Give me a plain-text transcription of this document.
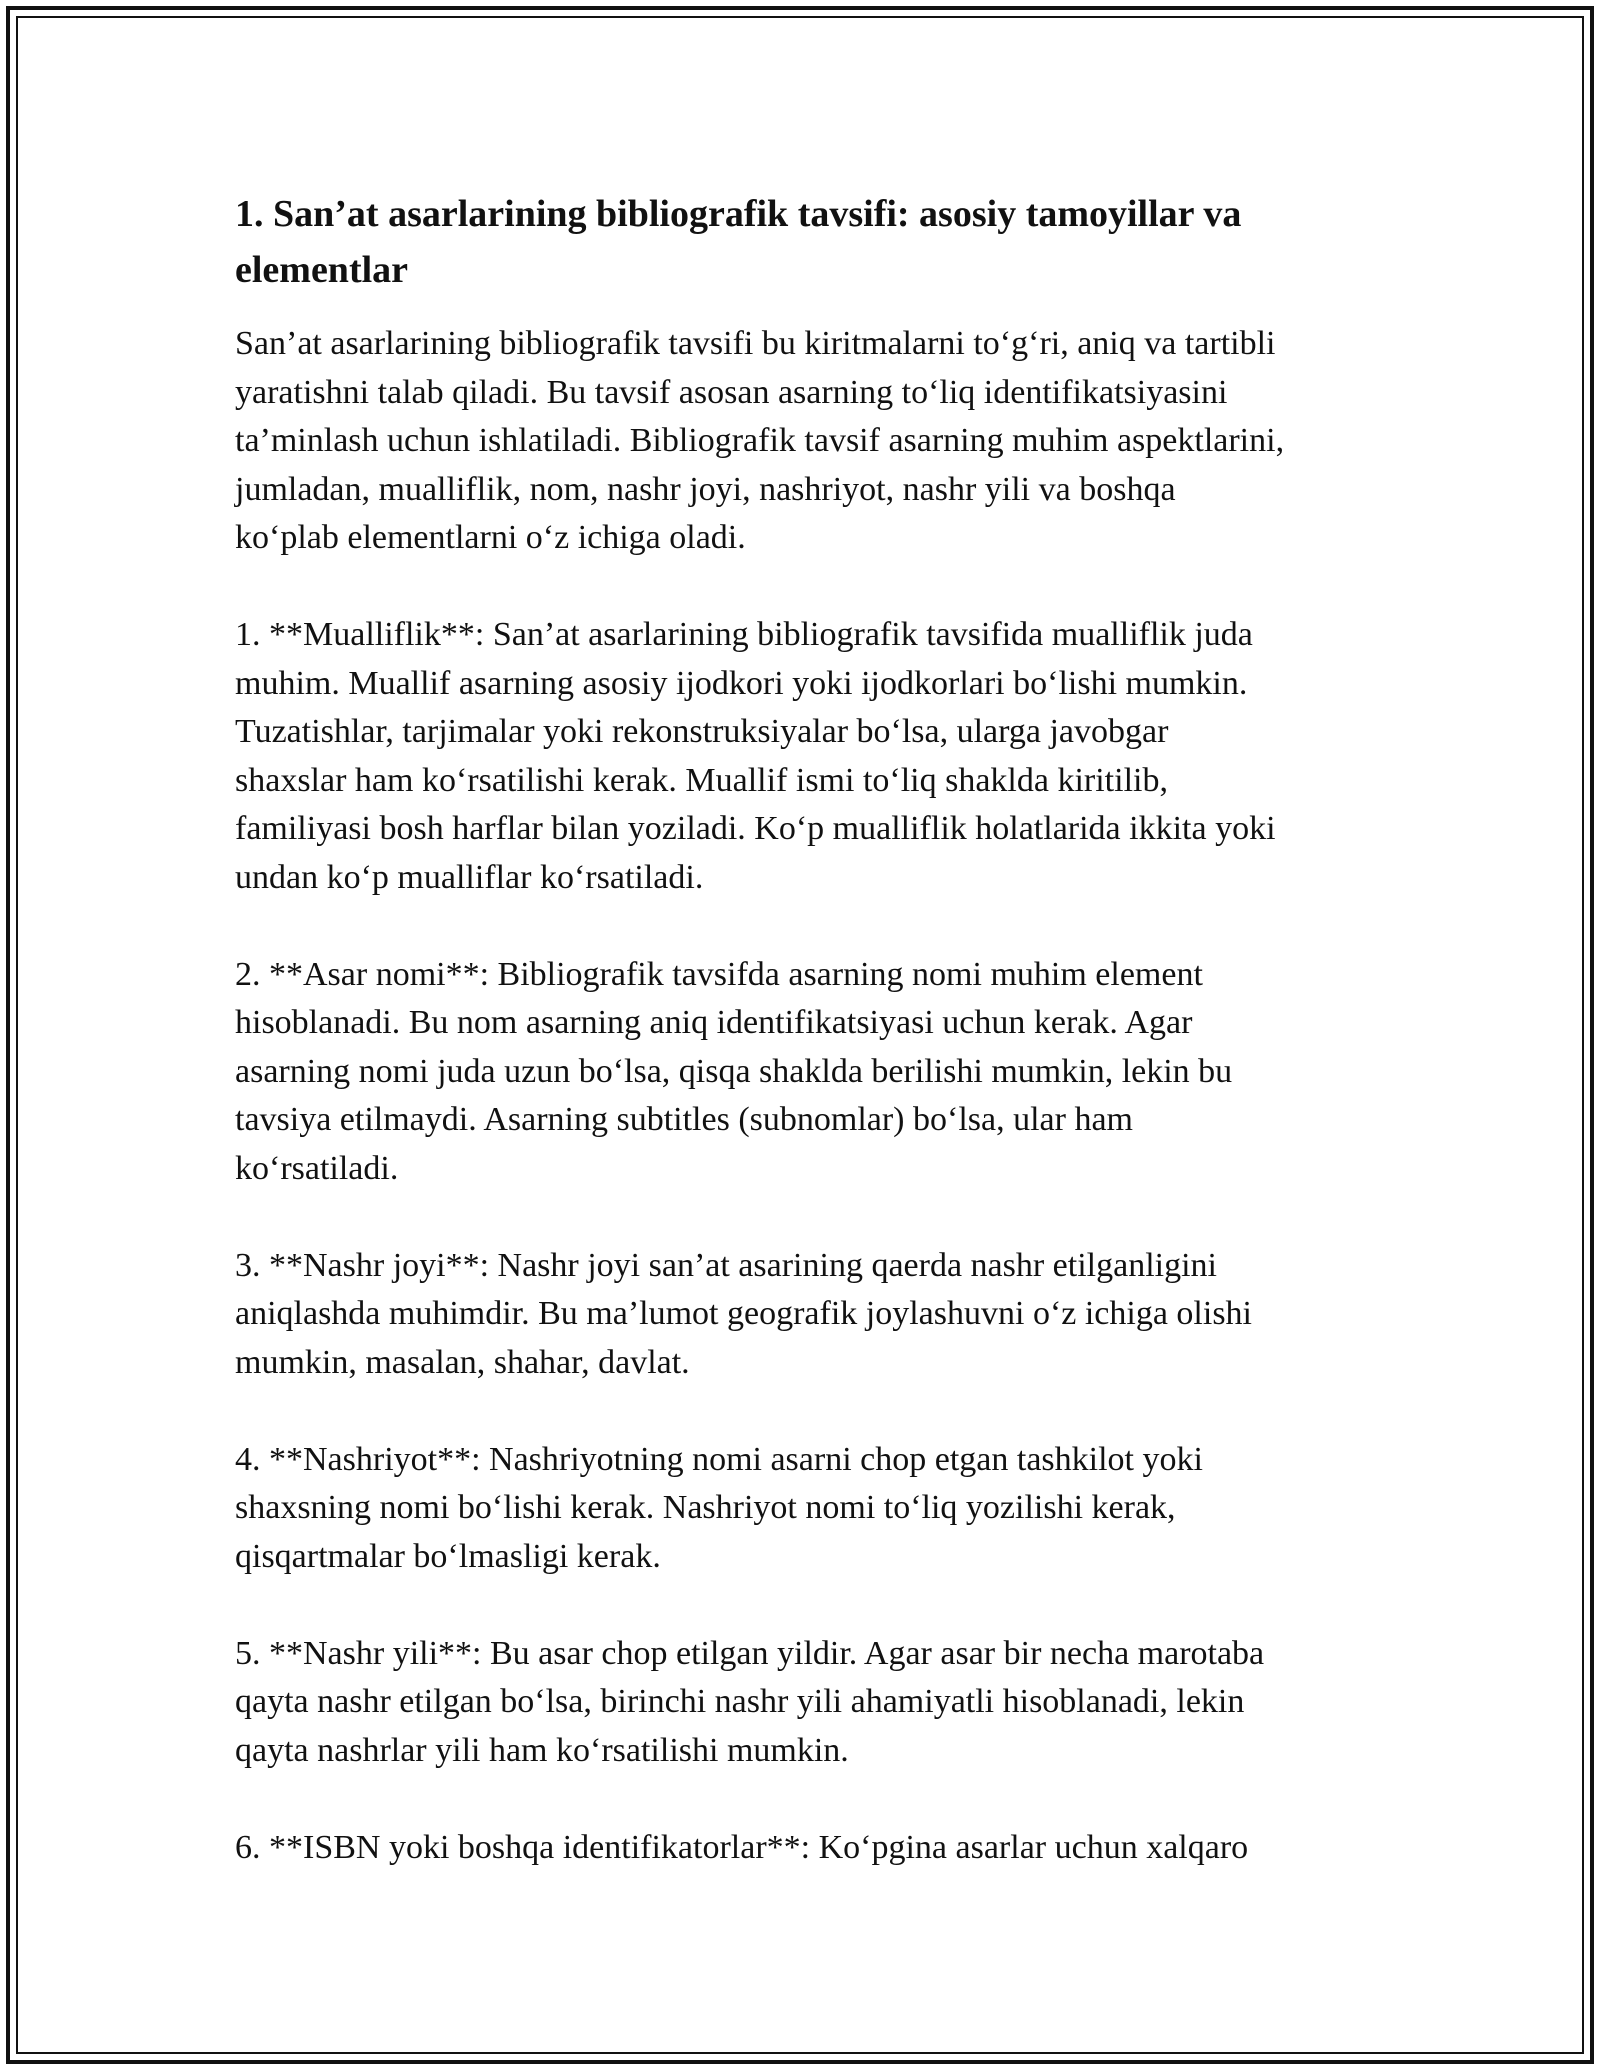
1. San’at asarlarining bibliografik tavsifi: asosiy tamoyillar va
elementlar

San’at asarlarining bibliografik tavsifi bu kiritmalarni to‘g‘ri, aniq va tartibli
yaratishni talab qiladi. Bu tavsif asosan asarning to‘liq identifikatsiyasini
ta’minlash uchun ishlatiladi. Bibliografik tavsif asarning muhim aspektlarini,
jumladan, mualliflik, nom, nashr joyi, nashriyot, nashr yili va boshqa
ko‘plab elementlarni o‘z ichiga oladi.

1. **Mualliflik**: San’at asarlarining bibliografik tavsifida mualliflik juda
muhim. Muallif asarning asosiy ijodkori yoki ijodkorlari bo‘lishi mumkin.
Tuzatishlar, tarjimalar yoki rekonstruksiyalar bo‘lsa, ularga javobgar
shaxslar ham ko‘rsatilishi kerak. Muallif ismi to‘liq shaklda kiritilib,
familiyasi bosh harflar bilan yoziladi. Ko‘p mualliflik holatlarida ikkita yoki
undan ko‘p mualliflar ko‘rsatiladi.

2. **Asar nomi**: Bibliografik tavsifda asarning nomi muhim element
hisoblanadi. Bu nom asarning aniq identifikatsiyasi uchun kerak. Agar
asarning nomi juda uzun bo‘lsa, qisqa shaklda berilishi mumkin, lekin bu
tavsiya etilmaydi. Asarning subtitles (subnomlar) bo‘lsa, ular ham
ko‘rsatiladi.

3. **Nashr joyi**: Nashr joyi san’at asarining qaerda nashr etilganligini
aniqlashda muhimdir. Bu ma’lumot geografik joylashuvni o‘z ichiga olishi
mumkin, masalan, shahar, davlat.

4. **Nashriyot**: Nashriyotning nomi asarni chop etgan tashkilot yoki
shaxsning nomi bo‘lishi kerak. Nashriyot nomi to‘liq yozilishi kerak,
qisqartmalar bo‘lmasligi kerak.

5. **Nashr yili**: Bu asar chop etilgan yildir. Agar asar bir necha marotaba
qayta nashr etilgan bo‘lsa, birinchi nashr yili ahamiyatli hisoblanadi, lekin
qayta nashrlar yili ham ko‘rsatilishi mumkin.

6. **ISBN yoki boshqa identifikatorlar**: Ko‘pgina asarlar uchun xalqaro
